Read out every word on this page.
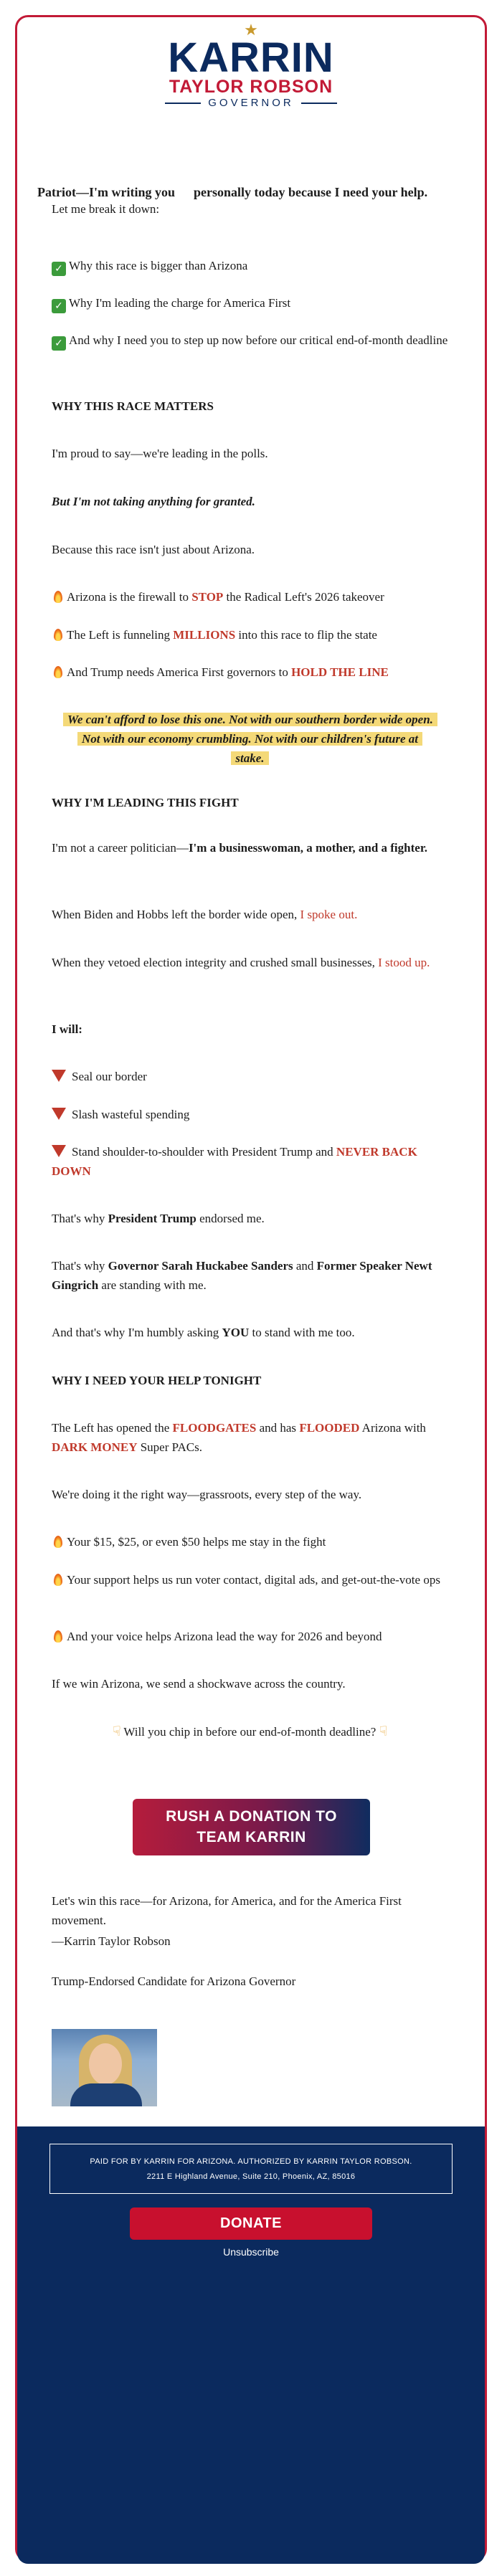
★
KARRIN
TAYLOR ROBSON
GOVERNOR
Patriot—I'm writing you personally today because I need your help.
Let me break it down:
✓ Why this race is bigger than Arizona
✓ Why I'm leading the charge for America First
✓ And why I need you to step up now before our critical end-of-month deadline
WHY THIS RACE MATTERS
I'm proud to say—we're leading in the polls.
But I'm not taking anything for granted.
Because this race isn't just about Arizona.
Arizona is the firewall to STOP the Radical Left's 2026 takeover
The Left is funneling MILLIONS into this race to flip the state
And Trump needs America First governors to HOLD THE LINE
We can't afford to lose this one. Not with our southern border wide open. Not with our economy crumbling. Not with our children's future at stake.
WHY I'M LEADING THIS FIGHT
I'm not a career politician—I'm a businesswoman, a mother, and a fighter.
When Biden and Hobbs left the border wide open, I spoke out.
When they vetoed election integrity and crushed small businesses, I stood up.
I will:
Seal our border
Slash wasteful spending
Stand shoulder-to-shoulder with President Trump and NEVER BACK DOWN
That's why President Trump endorsed me.
That's why Governor Sarah Huckabee Sanders and Former Speaker Newt Gingrich are standing with me.
And that's why I'm humbly asking YOU to stand with me too.
WHY I NEED YOUR HELP TONIGHT
The Left has opened the FLOODGATES and has FLOODED Arizona with DARK MONEY Super PACs.
We're doing it the right way—grassroots, every step of the way.
Your $15, $25, or even $50 helps me stay in the fight
Your support helps us run voter contact, digital ads, and get-out-the-vote ops
And your voice helps Arizona lead the way for 2026 and beyond
If we win Arizona, we send a shockwave across the country.
☟ Will you chip in before our end-of-month deadline? ☟
RUSH A DONATION TO
TEAM KARRIN
Let's win this race—for Arizona, for America, and for the America First movement.
—Karrin Taylor Robson
Trump-Endorsed Candidate for Arizona Governor
PAID FOR BY KARRIN FOR ARIZONA. AUTHORIZED BY KARRIN TAYLOR ROBSON.
2211 E Highland Avenue, Suite 210, Phoenix, AZ, 85016
DONATE
Unsubscribe
